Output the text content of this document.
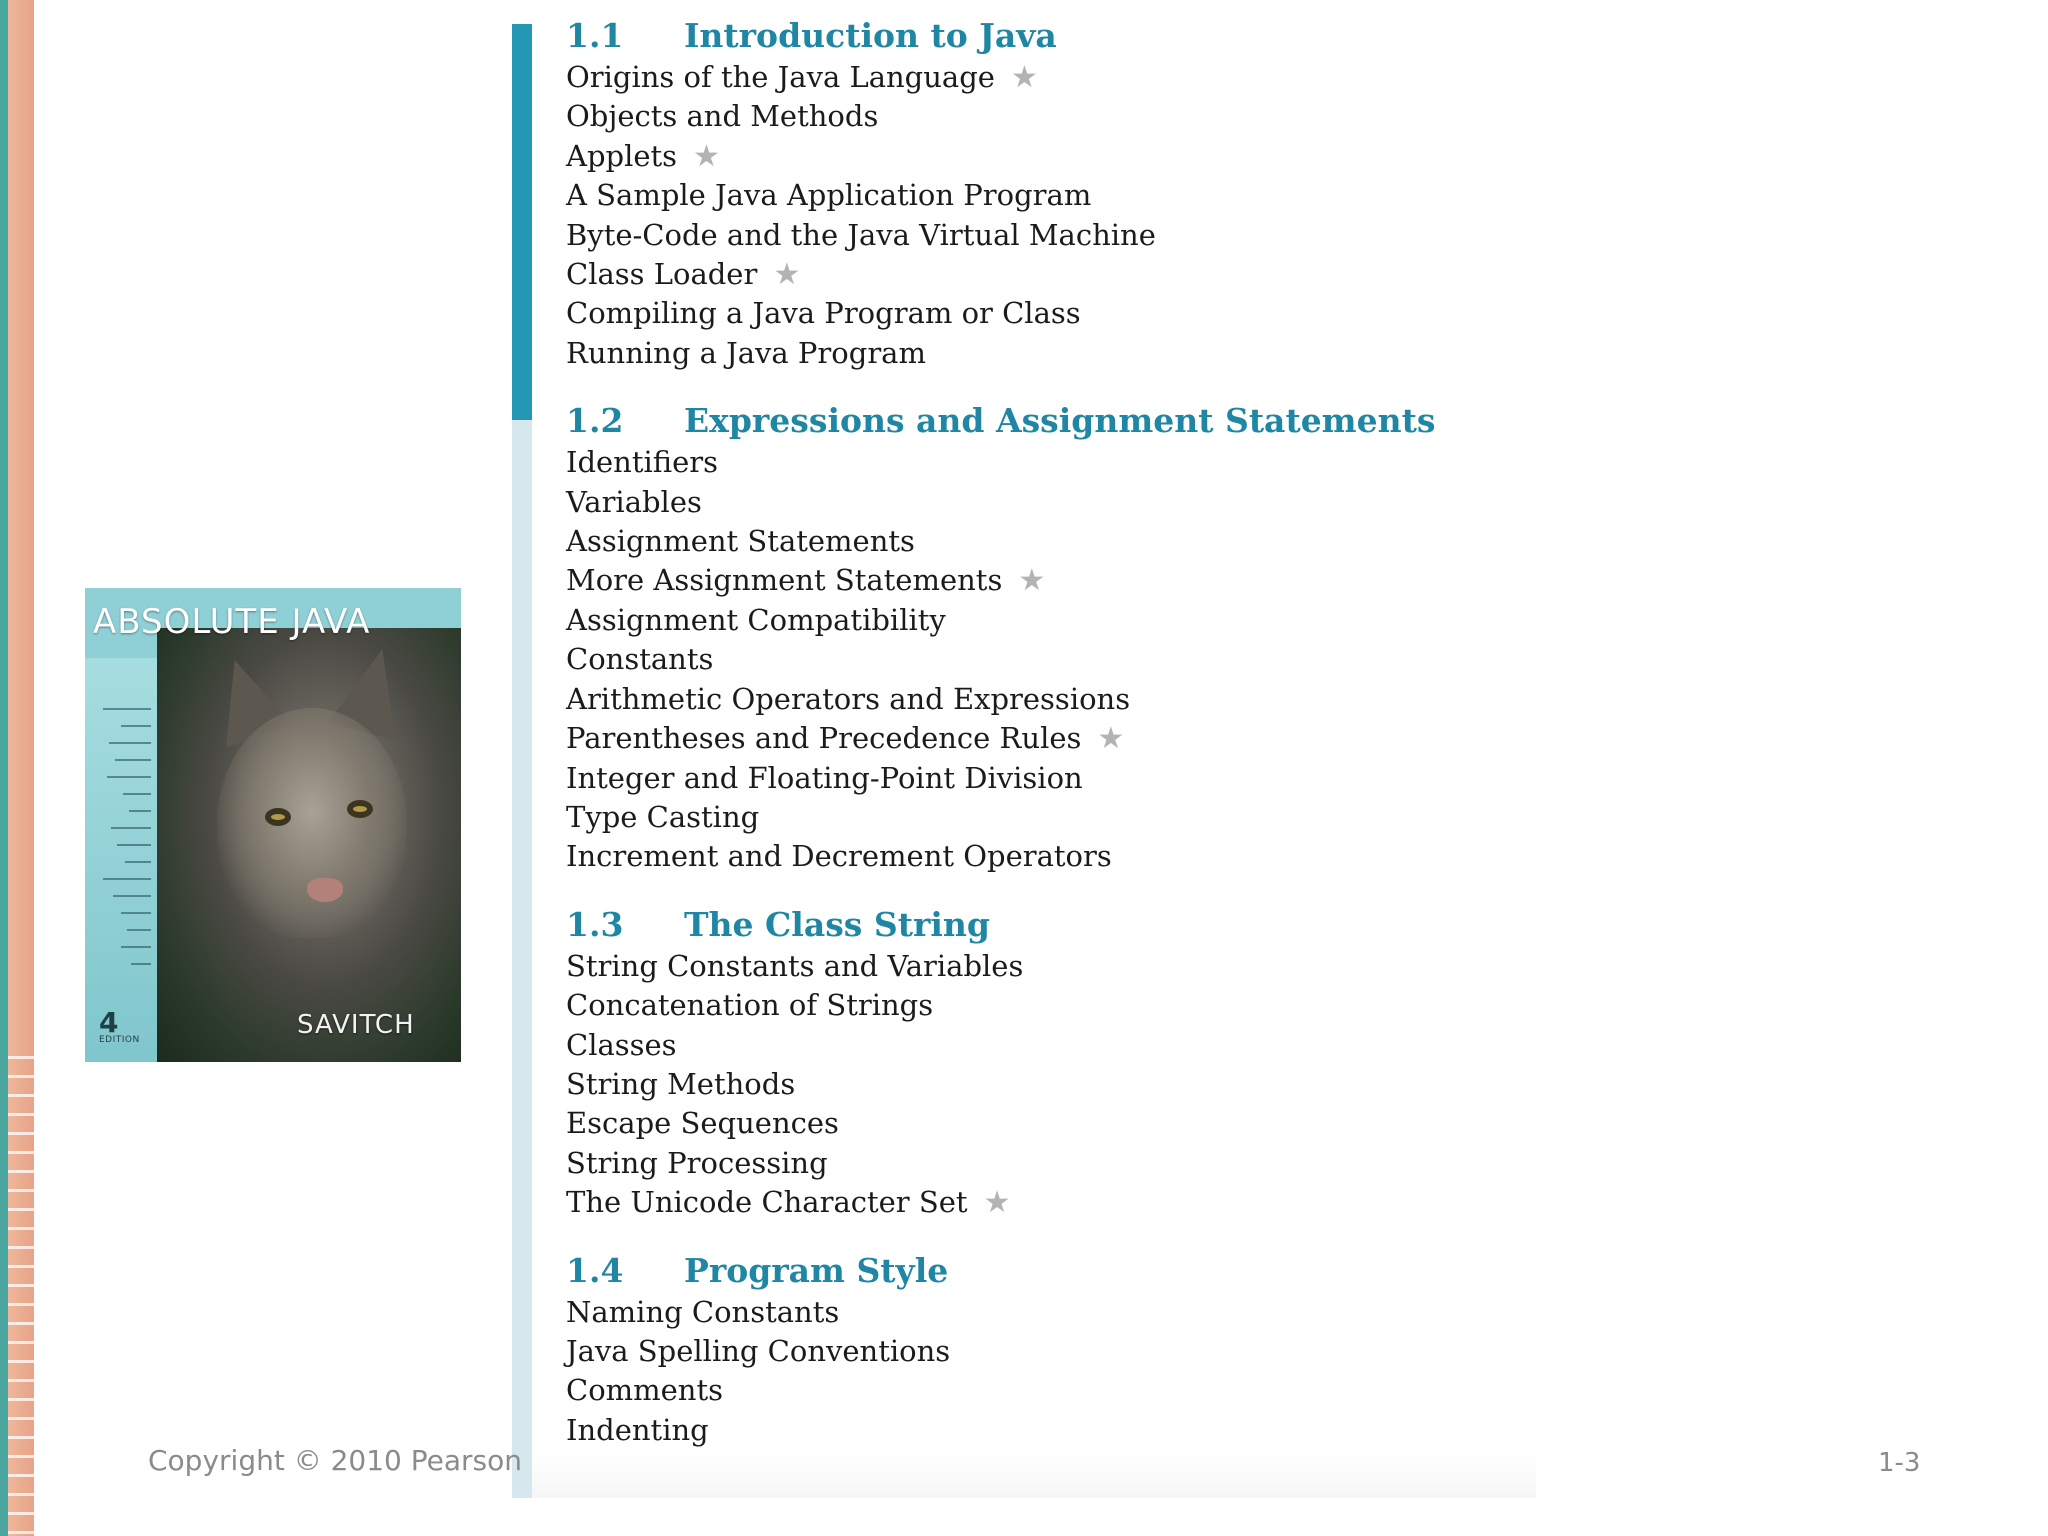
ABSOLUTE JAVA
4
EDITION	SAVITCH
1.1	Introduction to Java
Origins of the Java Language ★
Objects and Methods
Applets ★
A Sample Java Application Program
Byte-Code and the Java Virtual Machine
Class Loader ★
Compiling a Java Program or Class
Running a Java Program
1.2	Expressions and Assignment Statements
Identifiers
Variables
Assignment Statements
More Assignment Statements ★
Assignment Compatibility
Constants
Arithmetic Operators and Expressions
Parentheses and Precedence Rules ★
Integer and Floating-Point Division
Type Casting
Increment and Decrement Operators
1.3	The Class String
String Constants and Variables
Concatenation of Strings
Classes
String Methods
Escape Sequences
String Processing
The Unicode Character Set ★
1.4	Program Style
Naming Constants
Java Spelling Conventions
Comments
Indenting
Copyright © 2010 Pearson	1-3
